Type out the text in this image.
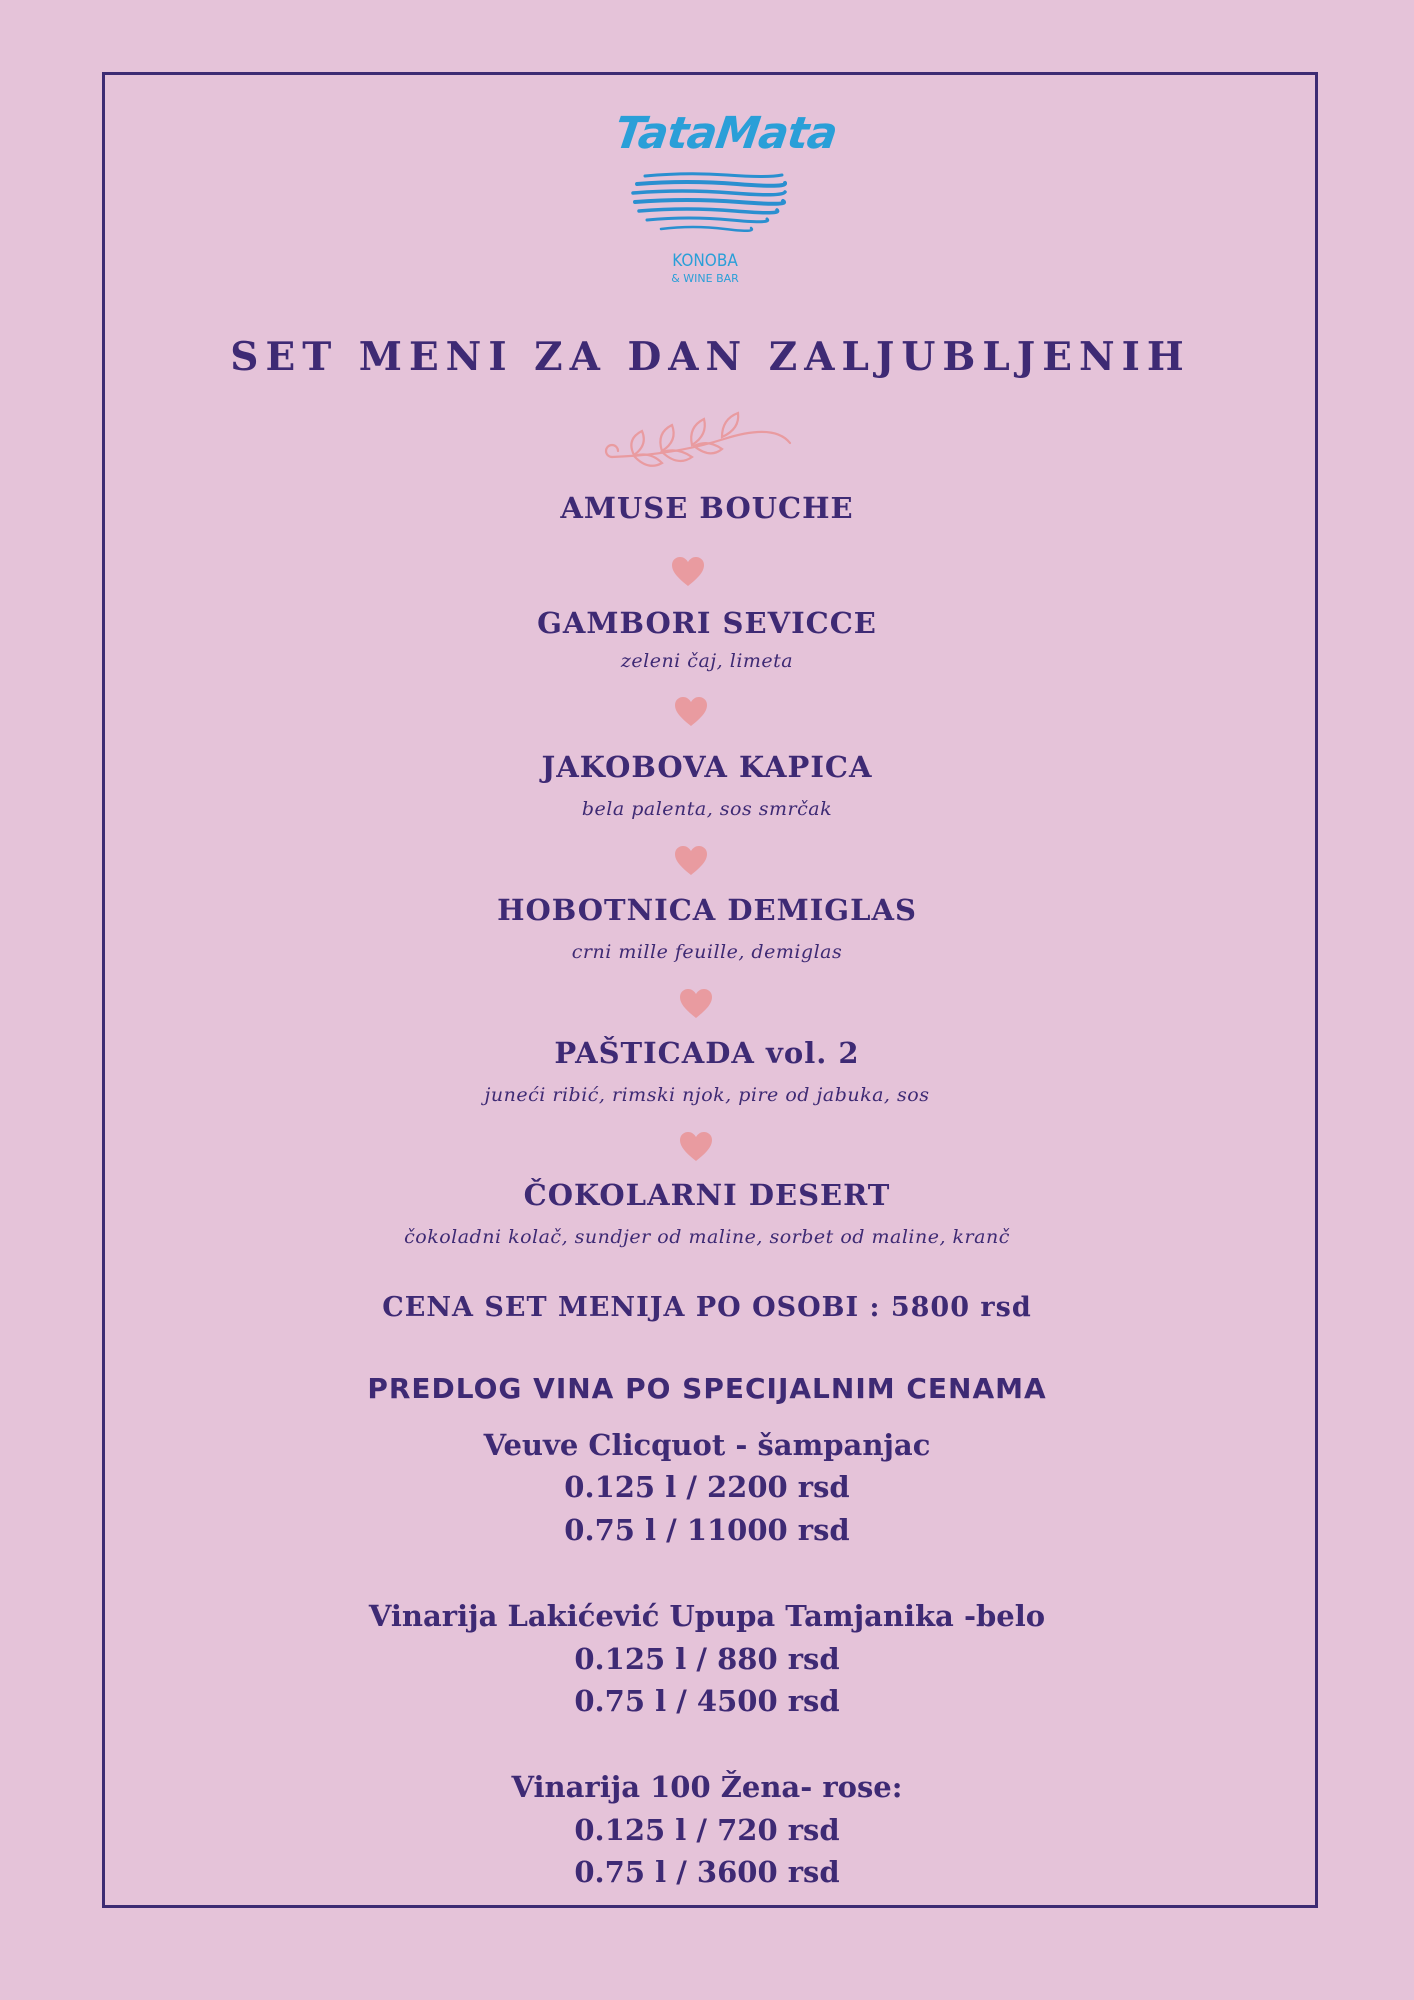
TataMata
KONOBA
& WINE BAR
SET MENI ZA DAN ZALJUBLJENIH
AMUSE BOUCHE
GAMBORI SEVICCE
zeleni čaj, limeta
JAKOBOVA KAPICA
bela palenta, sos smrčak
HOBOTNICA DEMIGLAS
crni mille feuille, demiglas
PAŠTICADA vol. 2
juneći ribić, rimski njok, pire od jabuka, sos
ČOKOLARNI DESERT
čokoladni kolač, sundjer od maline, sorbet od maline, kranč
CENA SET MENIJA PO OSOBI : 5800 rsd
PREDLOG VINA PO SPECIJALNIM CENAMA
Veuve Clicquot - šampanjac
0.125 l / 2200 rsd
0.75 l / 11000 rsd
Vinarija Lakićević Upupa Tamjanika -belo
0.125 l / 880 rsd
0.75 l / 4500 rsd
Vinarija 100 Žena- rose:
0.125 l / 720 rsd
0.75 l / 3600 rsd
